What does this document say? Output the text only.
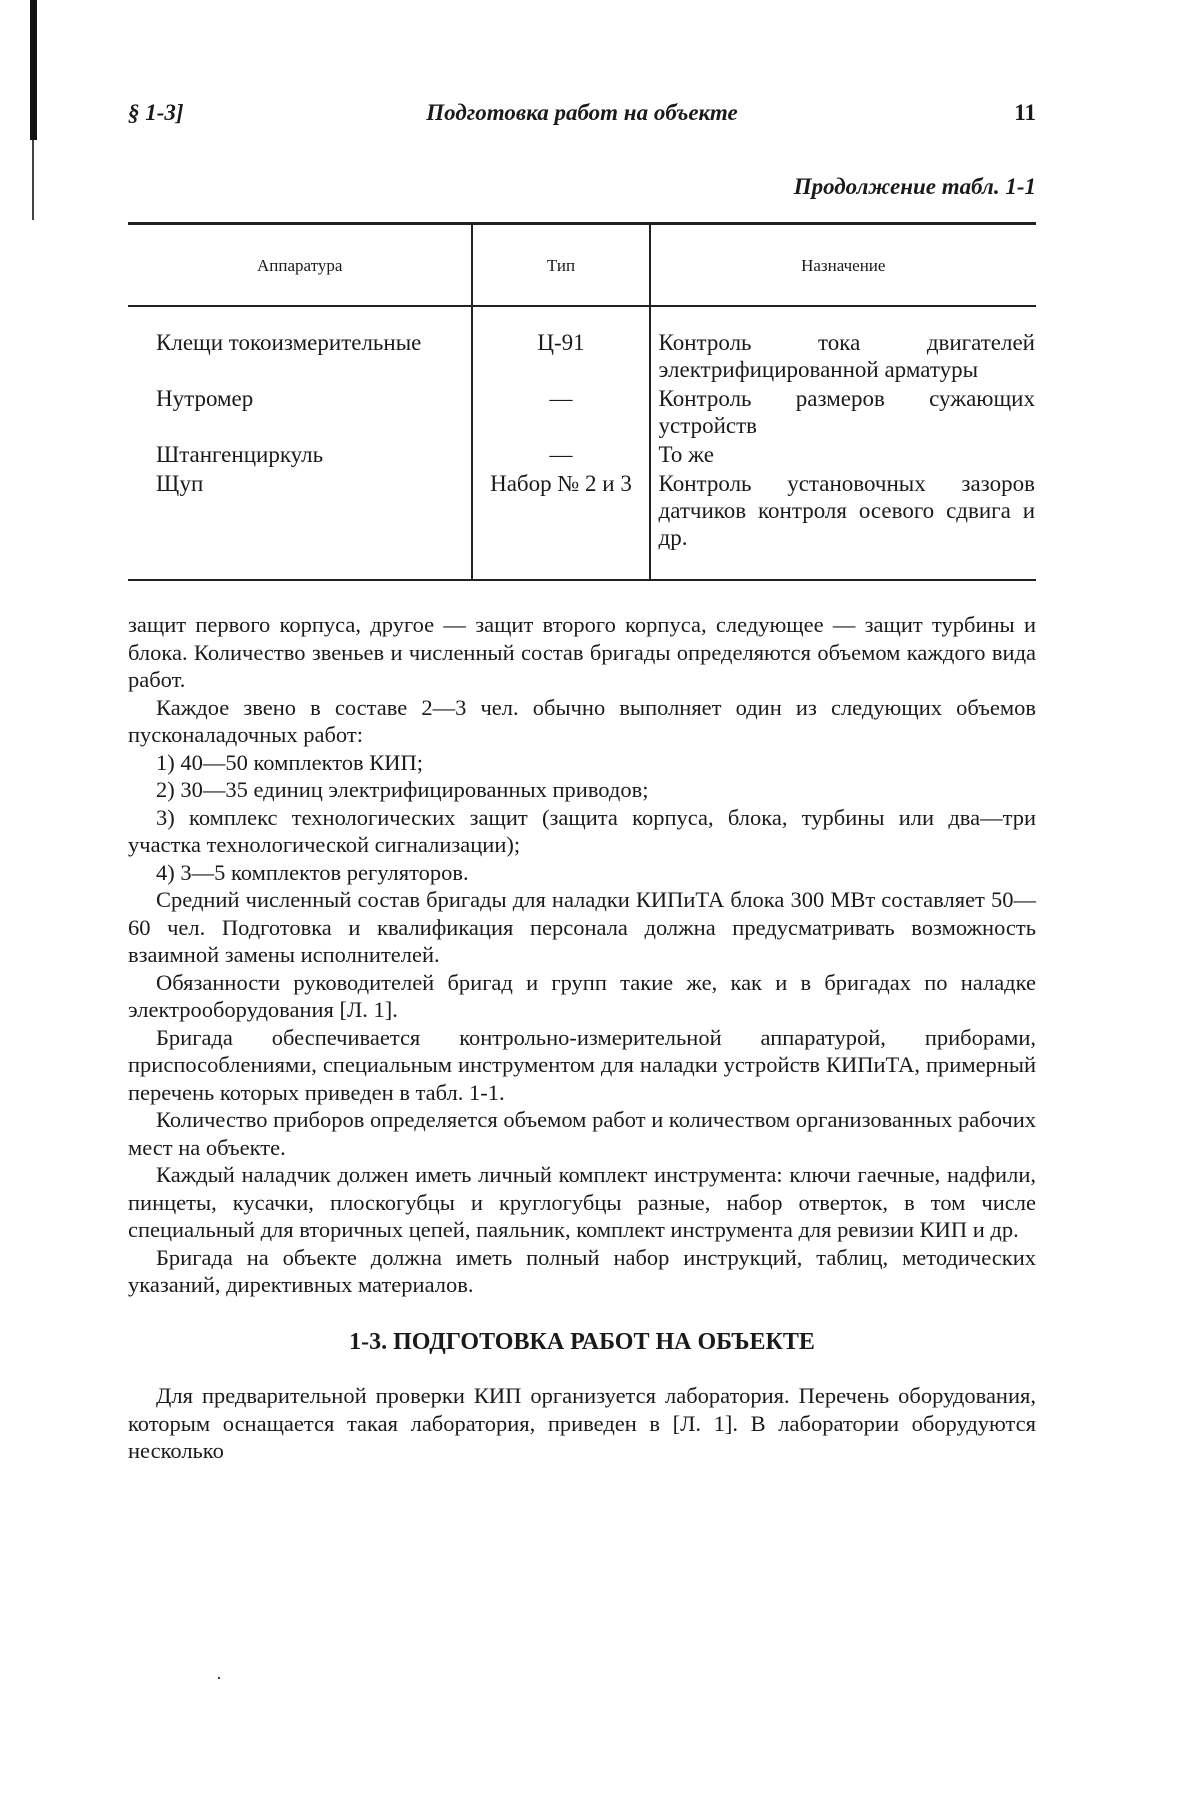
§ 1-3]	Подготовка работ на объекте	11
Продолжение табл. 1-1
Аппаратура	Тип	Назначение
Клещи токоизмерительные	Ц-91	Контроль тока двигателей электрифицированной арматуры
Нутромер	—	Контроль размеров сужающих устройств
Штангенциркуль	—	То же
Щуп	Набор № 2 и 3	Контроль установочных зазоров датчиков контроля осевого сдвига и др.

защит первого корпуса, другое — защит второго корпуса, следующее — защит турбины и блока. Количество звеньев и численный состав бригады определяются объемом каждого вида работ.

Каждое звено в составе 2—3 чел. обычно выполняет один из следующих объемов пусконаладочных работ:

1) 40—50 комплектов КИП;

2) 30—35 единиц электрифицированных приводов;

3) комплекс технологических защит (защита корпуса, блока, турбины или два—три участка технологической сигнализации);

4) 3—5 комплектов регуляторов.

Средний численный состав бригады для наладки КИПиТА блока 300 МВт составляет 50—60 чел. Подготовка и квалификация персонала должна предусматривать возможность взаимной замены исполнителей.

Обязанности руководителей бригад и групп такие же, как и в бригадах по наладке электрооборудования [Л. 1].

Бригада обеспечивается контрольно-измерительной аппаратурой, приборами, приспособлениями, специальным инструментом для наладки устройств КИПиТА, примерный перечень которых приведен в табл. 1-1.

Количество приборов определяется объемом работ и количеством организованных рабочих мест на объекте.

Каждый наладчик должен иметь личный комплект инструмента: ключи гаечные, надфили, пинцеты, кусачки, плоскогубцы и круглогубцы разные, набор отверток, в том числе специальный для вторичных цепей, паяльник, комплект инструмента для ревизии КИП и др.

Бригада на объекте должна иметь полный набор инструкций, таблиц, методических указаний, директивных материалов.

1-3. ПОДГОТОВКА РАБОТ НА ОБЪЕКТЕ

Для предварительной проверки КИП организуется лаборатория. Перечень оборудования, которым оснащается такая лаборатория, приведен в [Л. 1]. В лаборатории оборудуются несколько

·
